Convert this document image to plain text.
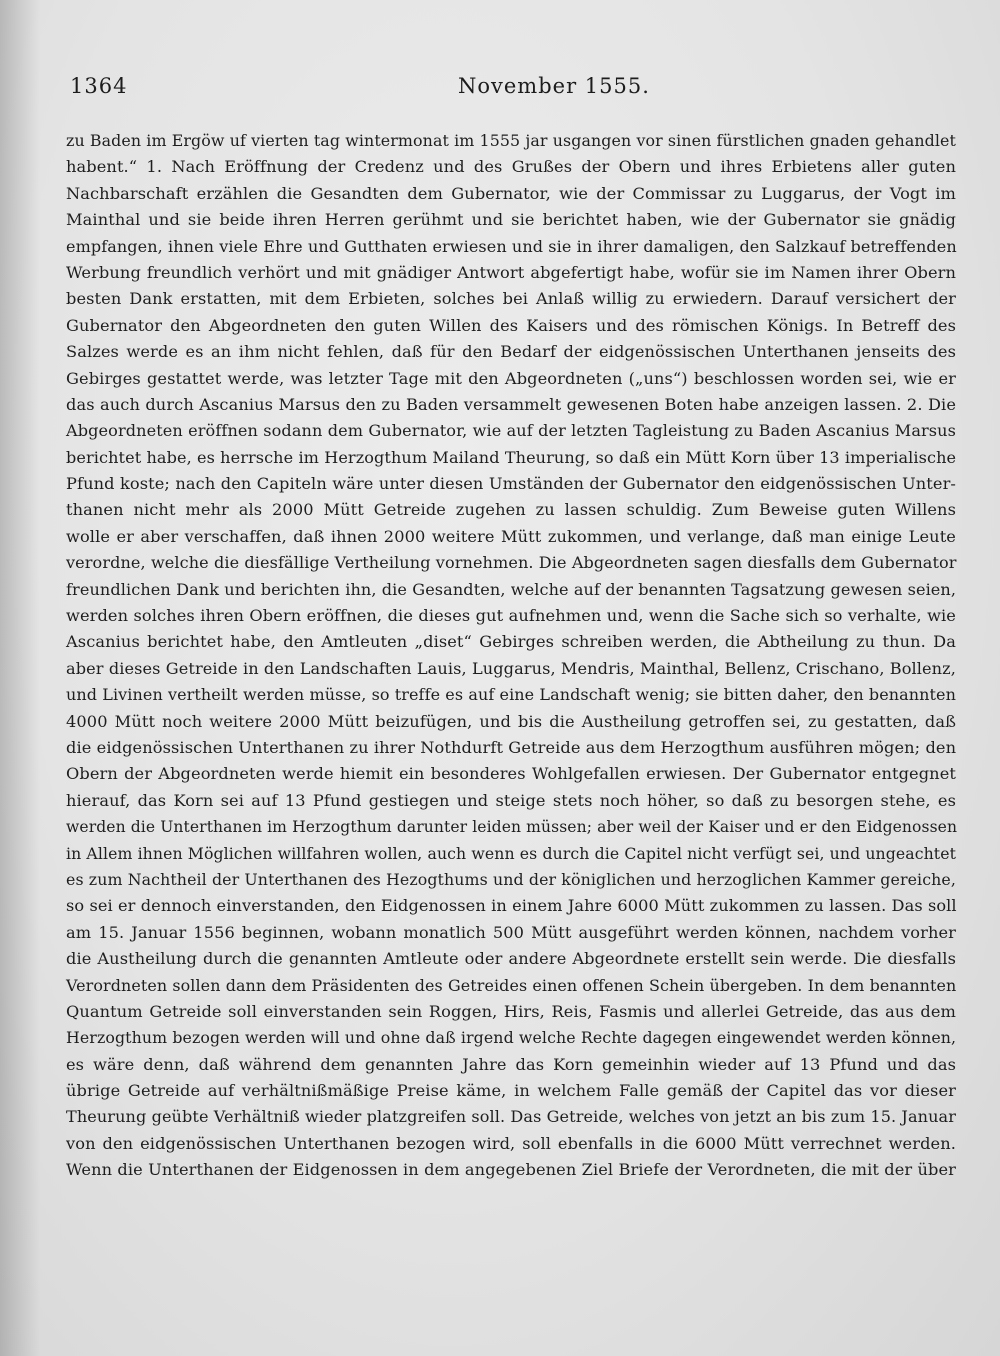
1364	November 1555.
zu Baden im Ergöw uf vierten tag wintermonat im 1555 jar usgangen vor sinen fürstlichen gnaden gehandlet
habent.“ 1. Nach Eröffnung der Credenz und des Grußes der Obern und ihres Erbietens aller guten
Nachbarschaft erzählen die Gesandten dem Gubernator, wie der Commissar zu Luggarus, der Vogt im
Mainthal und sie beide ihren Herren gerühmt und sie berichtet haben, wie der Gubernator sie gnädig
empfangen, ihnen viele Ehre und Gutthaten erwiesen und sie in ihrer damaligen, den Salzkauf betreffenden
Werbung freundlich verhört und mit gnädiger Antwort abgefertigt habe, wofür sie im Namen ihrer Obern
besten Dank erstatten, mit dem Erbieten, solches bei Anlaß willig zu erwiedern. Darauf versichert der
Gubernator den Abgeordneten den guten Willen des Kaisers und des römischen Königs. In Betreff des
Salzes werde es an ihm nicht fehlen, daß für den Bedarf der eidgenössischen Unterthanen jenseits des
Gebirges gestattet werde, was letzter Tage mit den Abgeordneten („uns“) beschlossen worden sei, wie er
das auch durch Ascanius Marsus den zu Baden versammelt gewesenen Boten habe anzeigen lassen. 2. Die
Abgeordneten eröffnen sodann dem Gubernator, wie auf der letzten Tagleistung zu Baden Ascanius Marsus
berichtet habe, es herrsche im Herzogthum Mailand Theurung, so daß ein Mütt Korn über 13 imperialische
Pfund koste; nach den Capiteln wäre unter diesen Umständen der Gubernator den eidgenössischen Unter-
thanen nicht mehr als 2000 Mütt Getreide zugehen zu lassen schuldig. Zum Beweise guten Willens
wolle er aber verschaffen, daß ihnen 2000 weitere Mütt zukommen, und verlange, daß man einige Leute
verordne, welche die diesfällige Vertheilung vornehmen. Die Abgeordneten sagen diesfalls dem Gubernator
freundlichen Dank und berichten ihn, die Gesandten, welche auf der benannten Tagsatzung gewesen seien,
werden solches ihren Obern eröffnen, die dieses gut aufnehmen und, wenn die Sache sich so verhalte, wie
Ascanius berichtet habe, den Amtleuten „diset“ Gebirges schreiben werden, die Abtheilung zu thun. Da
aber dieses Getreide in den Landschaften Lauis, Luggarus, Mendris, Mainthal, Bellenz, Crischano, Bollenz,
und Livinen vertheilt werden müsse, so treffe es auf eine Landschaft wenig; sie bitten daher, den benannten
4000 Mütt noch weitere 2000 Mütt beizufügen, und bis die Austheilung getroffen sei, zu gestatten, daß
die eidgenössischen Unterthanen zu ihrer Nothdurft Getreide aus dem Herzogthum ausführen mögen; den
Obern der Abgeordneten werde hiemit ein besonderes Wohlgefallen erwiesen. Der Gubernator entgegnet
hierauf, das Korn sei auf 13 Pfund gestiegen und steige stets noch höher, so daß zu besorgen stehe, es
werden die Unterthanen im Herzogthum darunter leiden müssen; aber weil der Kaiser und er den Eidgenossen
in Allem ihnen Möglichen willfahren wollen, auch wenn es durch die Capitel nicht verfügt sei, und ungeachtet
es zum Nachtheil der Unterthanen des Hezogthums und der königlichen und herzoglichen Kammer gereiche,
so sei er dennoch einverstanden, den Eidgenossen in einem Jahre 6000 Mütt zukommen zu lassen. Das soll
am 15. Januar 1556 beginnen, wobann monatlich 500 Mütt ausgeführt werden können, nachdem vorher
die Austheilung durch die genannten Amtleute oder andere Abgeordnete erstellt sein werde. Die diesfalls
Verordneten sollen dann dem Präsidenten des Getreides einen offenen Schein übergeben. In dem benannten
Quantum Getreide soll einverstanden sein Roggen, Hirs, Reis, Fasmis und allerlei Getreide, das aus dem
Herzogthum bezogen werden will und ohne daß irgend welche Rechte dagegen eingewendet werden können,
es wäre denn, daß während dem genannten Jahre das Korn gemeinhin wieder auf 13 Pfund und das
übrige Getreide auf verhältnißmäßige Preise käme, in welchem Falle gemäß der Capitel das vor dieser
Theurung geübte Verhältniß wieder platzgreifen soll. Das Getreide, welches von jetzt an bis zum 15. Januar
von den eidgenössischen Unterthanen bezogen wird, soll ebenfalls in die 6000 Mütt verrechnet werden.
Wenn die Unterthanen der Eidgenossen in dem angegebenen Ziel Briefe der Verordneten, die mit der über
